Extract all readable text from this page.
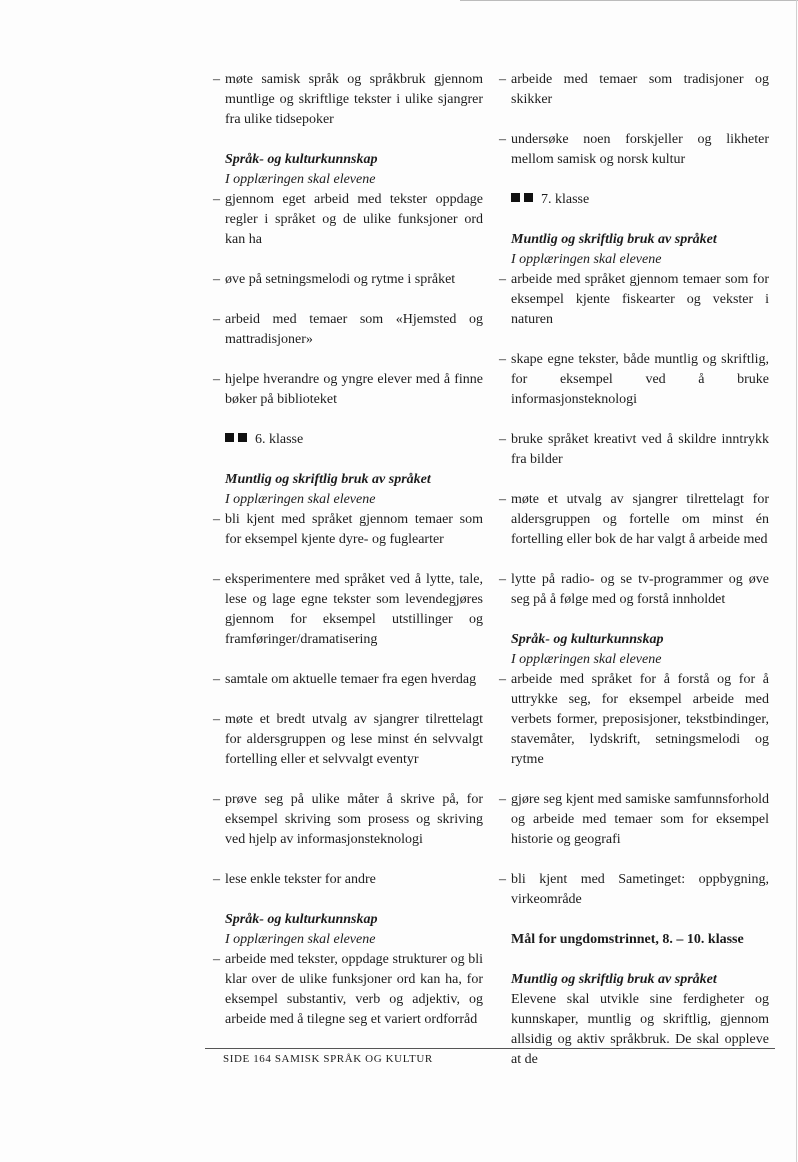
– møte samisk språk og språkbruk gjennom muntlige og skriftlige tekster i ulike sjangrer fra ulike tidsepoker
Språk- og kulturkunnskap
I opplæringen skal elevene
– gjennom eget arbeid med tekster oppdage regler i språket og de ulike funksjoner ord kan ha
– øve på setningsmelodi og rytme i språket
– arbeid med temaer som «Hjemsted og mattradisjoner»
– hjelpe hverandre og yngre elever med å finne bøker på biblioteket
6. klasse
Muntlig og skriftlig bruk av språket
I opplæringen skal elevene
– bli kjent med språket gjennom temaer som for eksempel kjente dyre- og fuglearter
– eksperimentere med språket ved å lytte, tale, lese og lage egne tekster som levendegjøres gjennom for eksempel utstillinger og framføringer/dramatisering
– samtale om aktuelle temaer fra egen hverdag
– møte et bredt utvalg av sjangrer tilrettelagt for aldersgruppen og lese minst én selvvalgt fortelling eller et selvvalgt eventyr
– prøve seg på ulike måter å skrive på, for eksempel skriving som prosess og skriving ved hjelp av informasjonsteknologi
– lese enkle tekster for andre
Språk- og kulturkunnskap
I opplæringen skal elevene
– arbeide med tekster, oppdage strukturer og bli klar over de ulike funksjoner ord kan ha, for eksempel substantiv, verb og adjektiv, og arbeide med å tilegne seg et variert ordforråd
– arbeide med temaer som tradisjoner og skikker
– undersøke noen forskjeller og likheter mellom samisk og norsk kultur
7. klasse
Muntlig og skriftlig bruk av språket
I opplæringen skal elevene
– arbeide med språket gjennom temaer som for eksempel kjente fiskearter og vekster i naturen
– skape egne tekster, både muntlig og skriftlig, for eksempel ved å bruke informasjonsteknologi
– bruke språket kreativt ved å skildre inntrykk fra bilder
– møte et utvalg av sjangrer tilrettelagt for aldersgruppen og fortelle om minst én fortelling eller bok de har valgt å arbeide med
– lytte på radio- og se tv-programmer og øve seg på å følge med og forstå innholdet
Språk- og kulturkunnskap
I opplæringen skal elevene
– arbeide med språket for å forstå og for å uttrykke seg, for eksempel arbeide med verbets former, preposisjoner, tekstbindinger, stavemåter, lydskrift, setningsmelodi og rytme
– gjøre seg kjent med samiske samfunnsforhold og arbeide med temaer som for eksempel historie og geografi
– bli kjent med Sametinget: oppbygning, virkeområde
Mål for ungdomstrinnet, 8. – 10. klasse
Muntlig og skriftlig bruk av språket
Elevene skal utvikle sine ferdigheter og kunnskaper, muntlig og skriftlig, gjennom allsidig og aktiv språkbruk. De skal oppleve at de
SIDE 164 SAMISK SPRÅK OG KULTUR
